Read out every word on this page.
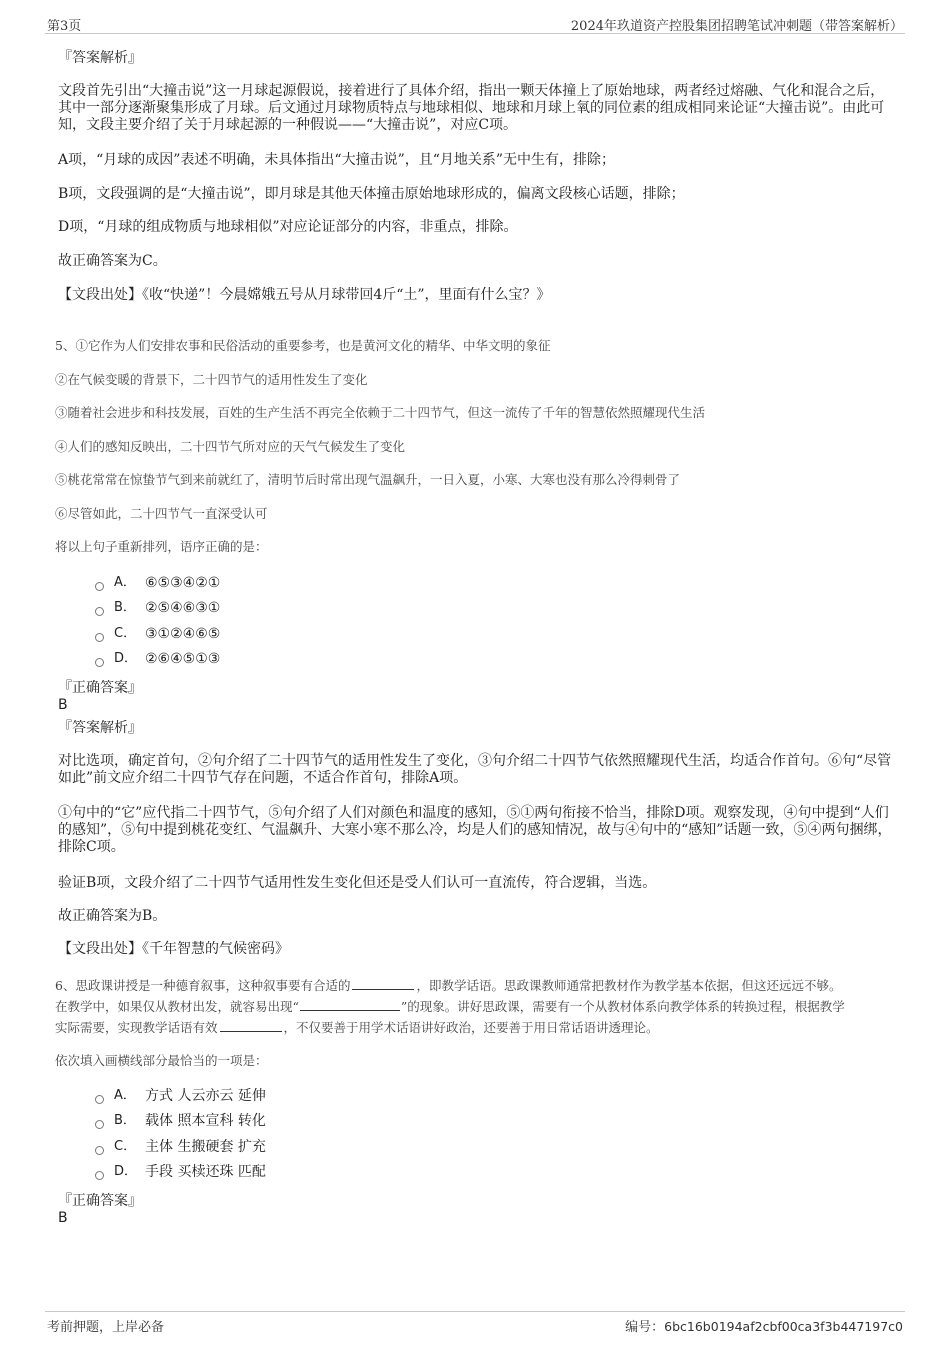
第3页	2024年玖道资产控股集团招聘笔试冲刺题（带答案解析）
『答案解析』
文段首先引出“大撞击说”这一月球起源假说，接着进行了具体介绍，指出一颗天体撞上了原始地球，两者经过熔融、气化和混合之后，其中一部分逐渐聚集形成了月球。后文通过月球物质特点与地球相似、地球和月球上氧的同位素的组成相同来论证“大撞击说”。由此可知，文段主要介绍了关于月球起源的一种假说——“大撞击说”，对应C项。
A项，“月球的成因”表述不明确，未具体指出“大撞击说”，且“月地关系”无中生有，排除；
B项，文段强调的是“大撞击说”，即月球是其他天体撞击原始地球形成的，偏离文段核心话题，排除；
D项，“月球的组成物质与地球相似”对应论证部分的内容，非重点，排除。
故正确答案为C。
【文段出处】《收“快递”！今晨嫦娥五号从月球带回4斤“土”，里面有什么宝？》
5、①它作为人们安排农事和民俗活动的重要参考，也是黄河文化的精华、中华文明的象征
②在气候变暖的背景下，二十四节气的适用性发生了变化
③随着社会进步和科技发展，百姓的生产生活不再完全依赖于二十四节气，但这一流传了千年的智慧依然照耀现代生活
④人们的感知反映出，二十四节气所对应的天气气候发生了变化
⑤桃花常常在惊蛰节气到来前就红了，清明节后时常出现气温飙升，一日入夏，小寒、大寒也没有那么冷得刺骨了
⑥尽管如此，二十四节气一直深受认可
将以上句子重新排列，语序正确的是：
A． ⑥⑤③④②①
B． ②⑤④⑥③①
C． ③①②④⑥⑤
D． ②⑥④⑤①③
『正确答案』
B
『答案解析』
对比选项，确定首句，②句介绍了二十四节气的适用性发生了变化，③句介绍二十四节气依然照耀现代生活，均适合作首句。⑥句“尽管如此”前文应介绍二十四节气存在问题，不适合作首句，排除A项。
①句中的“它”应代指二十四节气，⑤句介绍了人们对颜色和温度的感知，⑤①两句衔接不恰当，排除D项。观察发现，④句中提到“人们的感知”，⑤句中提到桃花变红、气温飙升、大寒小寒不那么冷，均是人们的感知情况，故与④句中的“感知”话题一致，⑤④两句捆绑，排除C项。
验证B项，文段介绍了二十四节气适用性发生变化但还是受人们认可一直流传，符合逻辑，当选。
故正确答案为B。
【文段出处】《千年智慧的气候密码》
6、思政课讲授是一种德育叙事，这种叙事要有合适的	，即教学话语。思政课教师通常把教材作为教学基本依据，但这还远远不够。
在教学中，如果仅从教材出发，就容易出现“	”的现象。讲好思政课，需要有一个从教材体系向教学体系的转换过程，根据教学
实际需要，实现教学话语有效	，不仅要善于用学术话语讲好政治，还要善于用日常话语讲透理论。
依次填入画横线部分最恰当的一项是：
A． 方式 人云亦云 延伸
B． 载体 照本宣科 转化
C． 主体 生搬硬套 扩充
D． 手段 买椟还珠 匹配
『正确答案』
B
考前押题，上岸必备	编号：6bc16b0194af2cbf00ca3f3b447197c0
